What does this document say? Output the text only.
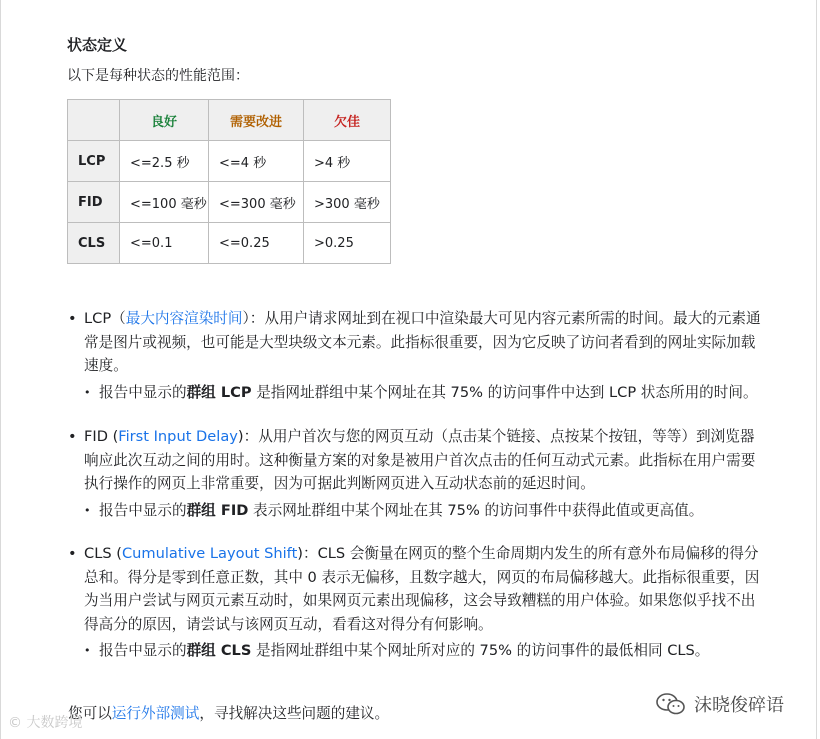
状态定义
以下是每种状态的性能范围：
	良好	需要改进	欠佳
LCP	<=2.5 秒	<=4 秒	>4 秒
FID	<=100 毫秒	<=300 毫秒	>300 毫秒
CLS	<=0.1	<=0.25	>0.25
• LCP（最大内容渲染时间）：从用户请求网址到在视口中渲染最大可见内容元素所需的时间。最大的元素通常是图片或视频，也可能是大型块级文本元素。此指标很重要，因为它反映了访问者看到的网址实际加载速度。
• 报告中显示的群组 LCP 是指网址群组中某个网址在其 75% 的访问事件中达到 LCP 状态所用的时间。
• FID (First Input Delay)：从用户首次与您的网页互动（点击某个链接、点按某个按钮，等等）到浏览器响应此次互动之间的用时。这种衡量方案的对象是被用户首次点击的任何互动式元素。此指标在用户需要执行操作的网页上非常重要，因为可据此判断网页进入互动状态前的延迟时间。
• 报告中显示的群组 FID 表示网址群组中某个网址在其 75% 的访问事件中获得此值或更高值。
• CLS (Cumulative Layout Shift)：CLS 会衡量在网页的整个生命周期内发生的所有意外布局偏移的得分总和。得分是零到任意正数，其中 0 表示无偏移，且数字越大，网页的布局偏移越大。此指标很重要，因为当用户尝试与网页元素互动时，如果网页元素出现偏移，这会导致糟糕的用户体验。如果您似乎找不出得高分的原因，请尝试与该网页互动，看看这对得分有何影响。
• 报告中显示的群组 CLS 是指网址群组中某个网址所对应的 75% 的访问事件的最低相同 CLS。
您可以运行外部测试，寻找解决这些问题的建议。
© 大数跨境
沫晓俊碎语
